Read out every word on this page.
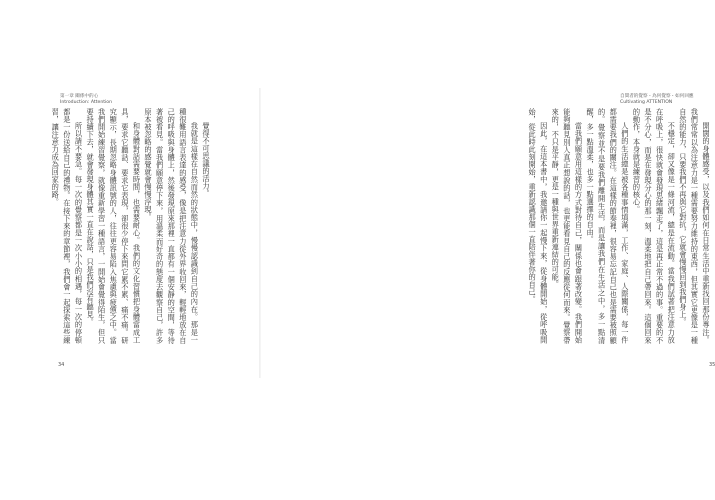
第一章 關係中的心
Introduction: Attention

覺得不可思議的活力。

我就是這樣在自然而然的狀態中，慢慢認識到自己的內在。那是一種很難用語言表達的感受，像是把注意力從外界收回來，輕輕地放在自己的呼吸與身體上，然後發現原來那裡一直都有一個安靜的空間，等待著被看見。當我們願意停下來，用溫柔而好奇的態度去觀察自己，許多原本被忽略的感覺就會慢慢浮現。

和身體對話需要時間，也需要耐心。我們的文化習慣把身體當成工具，要求它聽話、要求它表現，卻很少停下來問它累不累、痛不痛。研究顯示，長期忽略身體訊號的人，往往更容易陷入焦慮與疲憊之中。當我們開始練習覺察，就像重新學習一種語言，一開始會覺得陌生，但只要持續下去，就會發現身體其實一直在說話，只是我們沒有聽見。

所以請不要急。每一次的覺察都是一次小小的相遇，每一次的停頓都是一份送給自己的禮物。在接下來的章節裡，我們會一起探索這些練習，讓注意力成為回家的路。

34
自間者的覺察・為何覺察・如何回應
Cultivating ATTENTION

開闊的身體感受，以及我們如何在日常生活中重新找回那份專注。我們常常以為注意力是一種需要努力維持的東西，但其實它更像是一種自然的能力，只要我們不再與它對抗，它就會慢慢回到我們身上。

不穩定，卻又像是一條河流，總是在流動。當我們試著把注意力放在呼吸上，很快就會發現思緒飄走了，這是再正常不過的事。重要的不是不分心，而是在發現分心的那一刻，溫柔地把自己帶回來。這個回來的動作，本身就是練習的核心。

人們的生活總是被各種事情填滿，工作、家庭、人際關係，每一件都需要我們的關注。在這樣的節奏裡，很容易忘記自己也是需要被照顧的。覺察並不是要我們離開生活，而是讓我們在生活之中，多一點清醒，多一點溫柔，也多一點選擇的自由。

當我們願意用這樣的方式對待自己，關係也會跟著改變。我們開始能夠聽見別人真正想說的話，也更能看見自己的反應從何而來。覺察帶來的，不只是平靜，更是一種與世界重新連結的可能。

因此，在這本書中，我邀請你一起慢下來，從身體開始，從呼吸開始，從此時此刻開始，重新認識那個一直陪伴著你的自己。

35
